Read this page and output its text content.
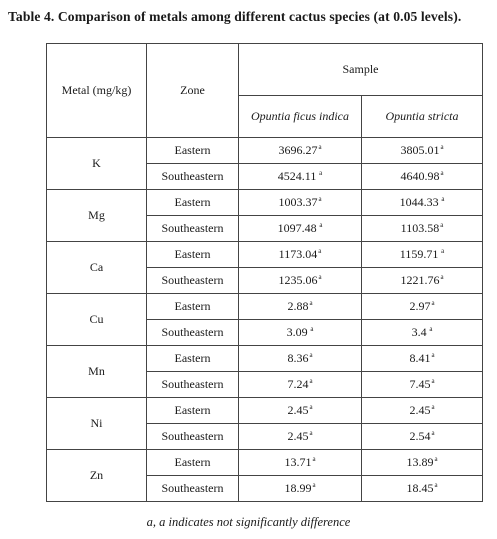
Table 4. Comparison of metals among different cactus species (at 0.05 levels).
Metal (mg/kg)	Zone	Sample	
		Opuntia ficus indica	Opuntia stricta
K	Eastern	3696.27$^a$	3805.01$^a$
	Southeastern	4524.11 $^a$	4640.98$^a$
Mg	Eastern	1003.37$^a$	1044.33 $^a$
	Southeastern	1097.48 $^a$	1103.58$^a$
Ca	Eastern	1173.04$^a$	1159.71 $^a$
	Southeastern	1235.06$^a$	1221.76$^a$
Cu	Eastern	2.88$^a$	2.97$^a$
	Southeastern	3.09 $^a$	3.4 $^a$
Mn	Eastern	8.36$^a$	8.41$^a$
	Southeastern	7.24$^a$	7.45$^a$
Ni	Eastern	2.45$^a$	2.45$^a$
	Southeastern	2.45$^a$	2.54$^a$
Zn	Eastern	13.71$^a$	13.89$^a$
	Southeastern	18.99$^a$	18.45$^a$
a, a indicates not significantly difference
